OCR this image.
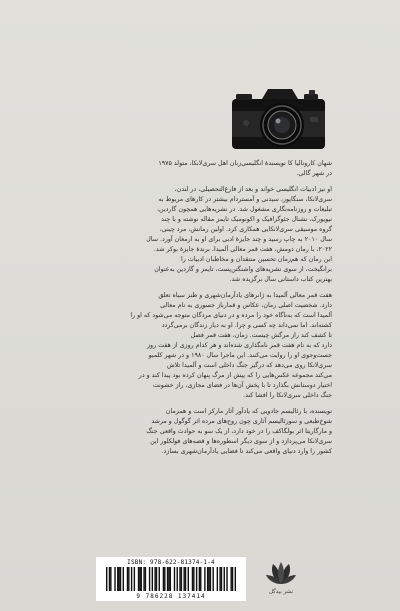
شهان کارونالیا کا نویسندهٔ انگلیسی‌زبان اهل سری‌لانکا، متولد ۱۹۷۵
در شهر گالی.

او نیز ادبیات انگلیسی خواند و بعد از فارغ‌التحصیلی، در لندن،
سری‌لانکا، سنگاپور، سیدنی و آمستردام بیشتر در کارهای مربوط به
تبلیغات و روزنامه‌نگاری مشغول شد. در نشریه‌هایی همچون گاردین،
نیویورک، نشنال جئوگرافیک و اکونومیک تایمز مقاله نوشته و با چند
گروه موسیقی سری‌لانکایی همکاری کرد. اولین رمانش، مرد چینی،
سال ۲۰۱۰ به چاپ رسید و چند جایزهٔ ادبی برای او به ارمغان آورد. سال
۲۰۲۲، با رمان دومش، هفت قمر معالی آلمیدا، برندهٔ جایزهٔ بوکر شد.
این رمان که هم‌زمان تحسین منتقدان و مخاطبان ادبیات را
برانگیخت، از سوی نشریه‌های واشنگتن‌پست، تایمز و گاردین به‌عنوان
بهترین کتاب داستانی سال برگزیده شد.

هفت قمر معالی آلمیدا به ژانرهای یادآرمان‌شهری و طنز سیاه تعلق
دارد. شخصیت اصلی رمان، عکاس و قمارباز جسوری به نام معالی
آلمیدا است که به‌ناگاه خود را مرده و در دنیای مردگان متوجه می‌شود که او را
کشته‌اند. اما نمی‌داند چه کسی و چرا. او به دیار زندگان برمی‌گردد
تا کشف کند راز مرگش چیست. زمان، هفت قمر فصل
دارد که به نام هفت قمر نامگذاری شده‌اند و هر کدام روزی از هفت روز
جست‌وجوی او را روایت می‌کنند. این ماجرا سال ۱۹۸۰ و در شهر کلمبو
سری‌لانکا روی می‌دهد که درگیر جنگ داخلی است و آلمیدا تلاش
می‌کند مجموعه عکس‌هایی را که پیش از مرگ پنهان کرده بود پیدا کند و در
اختیار دوستانش بگذارد تا با پخش آن‌ها در فضای مجازی، راز خشونت
جنگ داخلی سری‌لانکا را افشا کند.

نویسنده، با رئالیسم جادویی که یادآور آثار مارکز است و همزمان
شوخ‌طبعی و سورئالیسم آثاری چون روح‌های مرده اثر گوگول و مرشد
و مارگاریتا اثر بولگاکف را در خود دارد، از یک سو به حوادث واقعی جنگ
سری‌لانکا می‌پردازد و از سوی دیگر اسطوره‌ها و قصه‌های فولکلور این
کشور را وارد دنیای واقعی می‌کند تا فضایی یادآرمان‌شهری بسازد.

ISBN: 978-622-81374-1-4
9 786228 137414
نشر بیدگل
